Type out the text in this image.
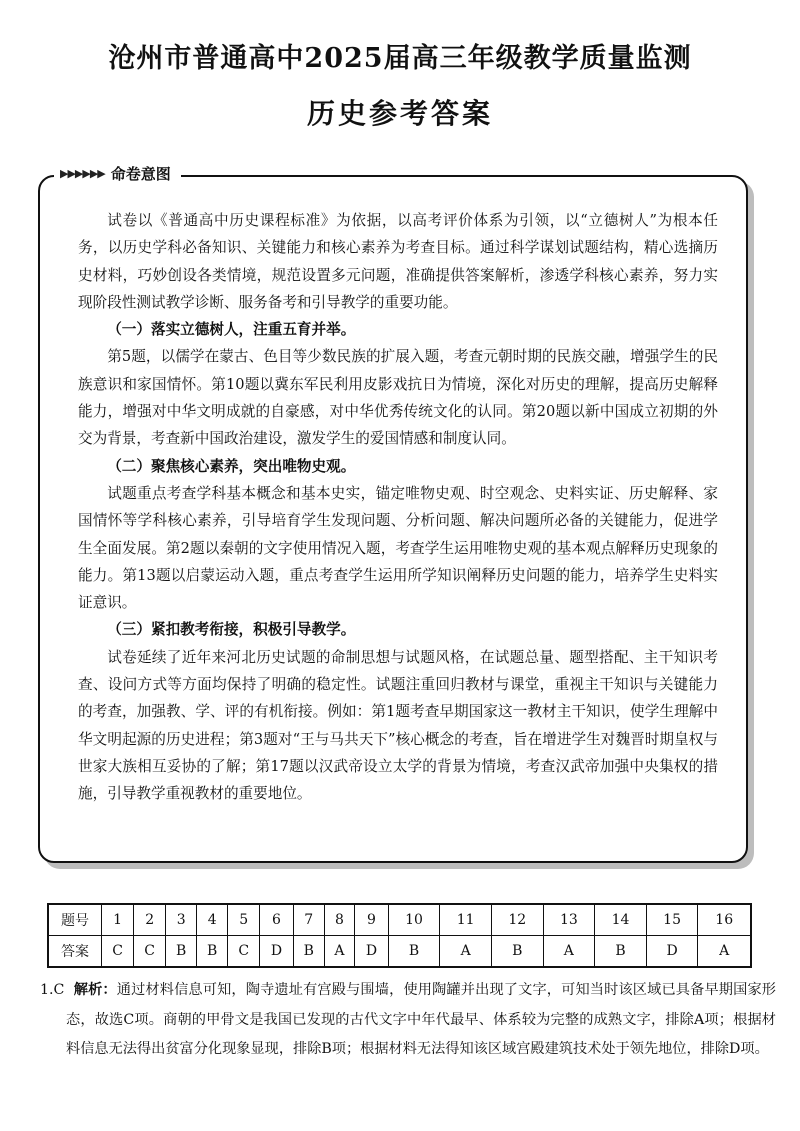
沧州市普通高中2025届高三年级教学质量监测
历史参考答案
▶▶▶▶▶▶ 命卷意图

试卷以《普通高中历史课程标准》为依据，以高考评价体系为引领，以“立德树人”为根本任务，以历史学科必备知识、关键能力和核心素养为考查目标。通过科学谋划试题结构，精心选摘历史材料，巧妙创设各类情境，规范设置多元问题，准确提供答案解析，渗透学科核心素养，努力实现阶段性测试教学诊断、服务备考和引导教学的重要功能。

（一）落实立德树人，注重五育并举。

第5题，以儒学在蒙古、色目等少数民族的扩展入题，考查元朝时期的民族交融，增强学生的民族意识和家国情怀。第10题以冀东军民利用皮影戏抗日为情境，深化对历史的理解，提高历史解释能力，增强对中华文明成就的自豪感，对中华优秀传统文化的认同。第20题以新中国成立初期的外交为背景，考查新中国政治建设，激发学生的爱国情感和制度认同。

（二）聚焦核心素养，突出唯物史观。

试题重点考查学科基本概念和基本史实，锚定唯物史观、时空观念、史料实证、历史解释、家国情怀等学科核心素养，引导培育学生发现问题、分析问题、解决问题所必备的关键能力，促进学生全面发展。第2题以秦朝的文字使用情况入题，考查学生运用唯物史观的基本观点解释历史现象的能力。第13题以启蒙运动入题，重点考查学生运用所学知识阐释历史问题的能力，培养学生史料实证意识。

（三）紧扣教考衔接，积极引导教学。

试卷延续了近年来河北历史试题的命制思想与试题风格，在试题总量、题型搭配、主干知识考查、设问方式等方面均保持了明确的稳定性。试题注重回归教材与课堂，重视主干知识与关键能力的考查，加强教、学、评的有机衔接。例如：第1题考查早期国家这一教材主干知识，使学生理解中华文明起源的历史进程；第3题对“王与马共天下”核心概念的考查，旨在增进学生对魏晋时期皇权与世家大族相互妥协的了解；第17题以汉武帝设立太学的背景为情境，考查汉武帝加强中央集权的措施，引导教学重视教材的重要地位。

题号	1	2	3	4	5	6	7	8	9	10	11	12	13	14	15	16
答案	C	C	B	B	C	D	B	A	D	B	A	B	A	B	D	A
1.C 解析：通过材料信息可知，陶寺遗址有宫殿与围墙，使用陶罐并出现了文字，可知当时该区域已具备早期国家形态，故选C项。商朝的甲骨文是我国已发现的古代文字中年代最早、体系较为完整的成熟文字，排除A项；根据材料信息无法得出贫富分化现象显现，排除B项；根据材料无法得知该区域宫殿建筑技术处于领先地位，排除D项。
